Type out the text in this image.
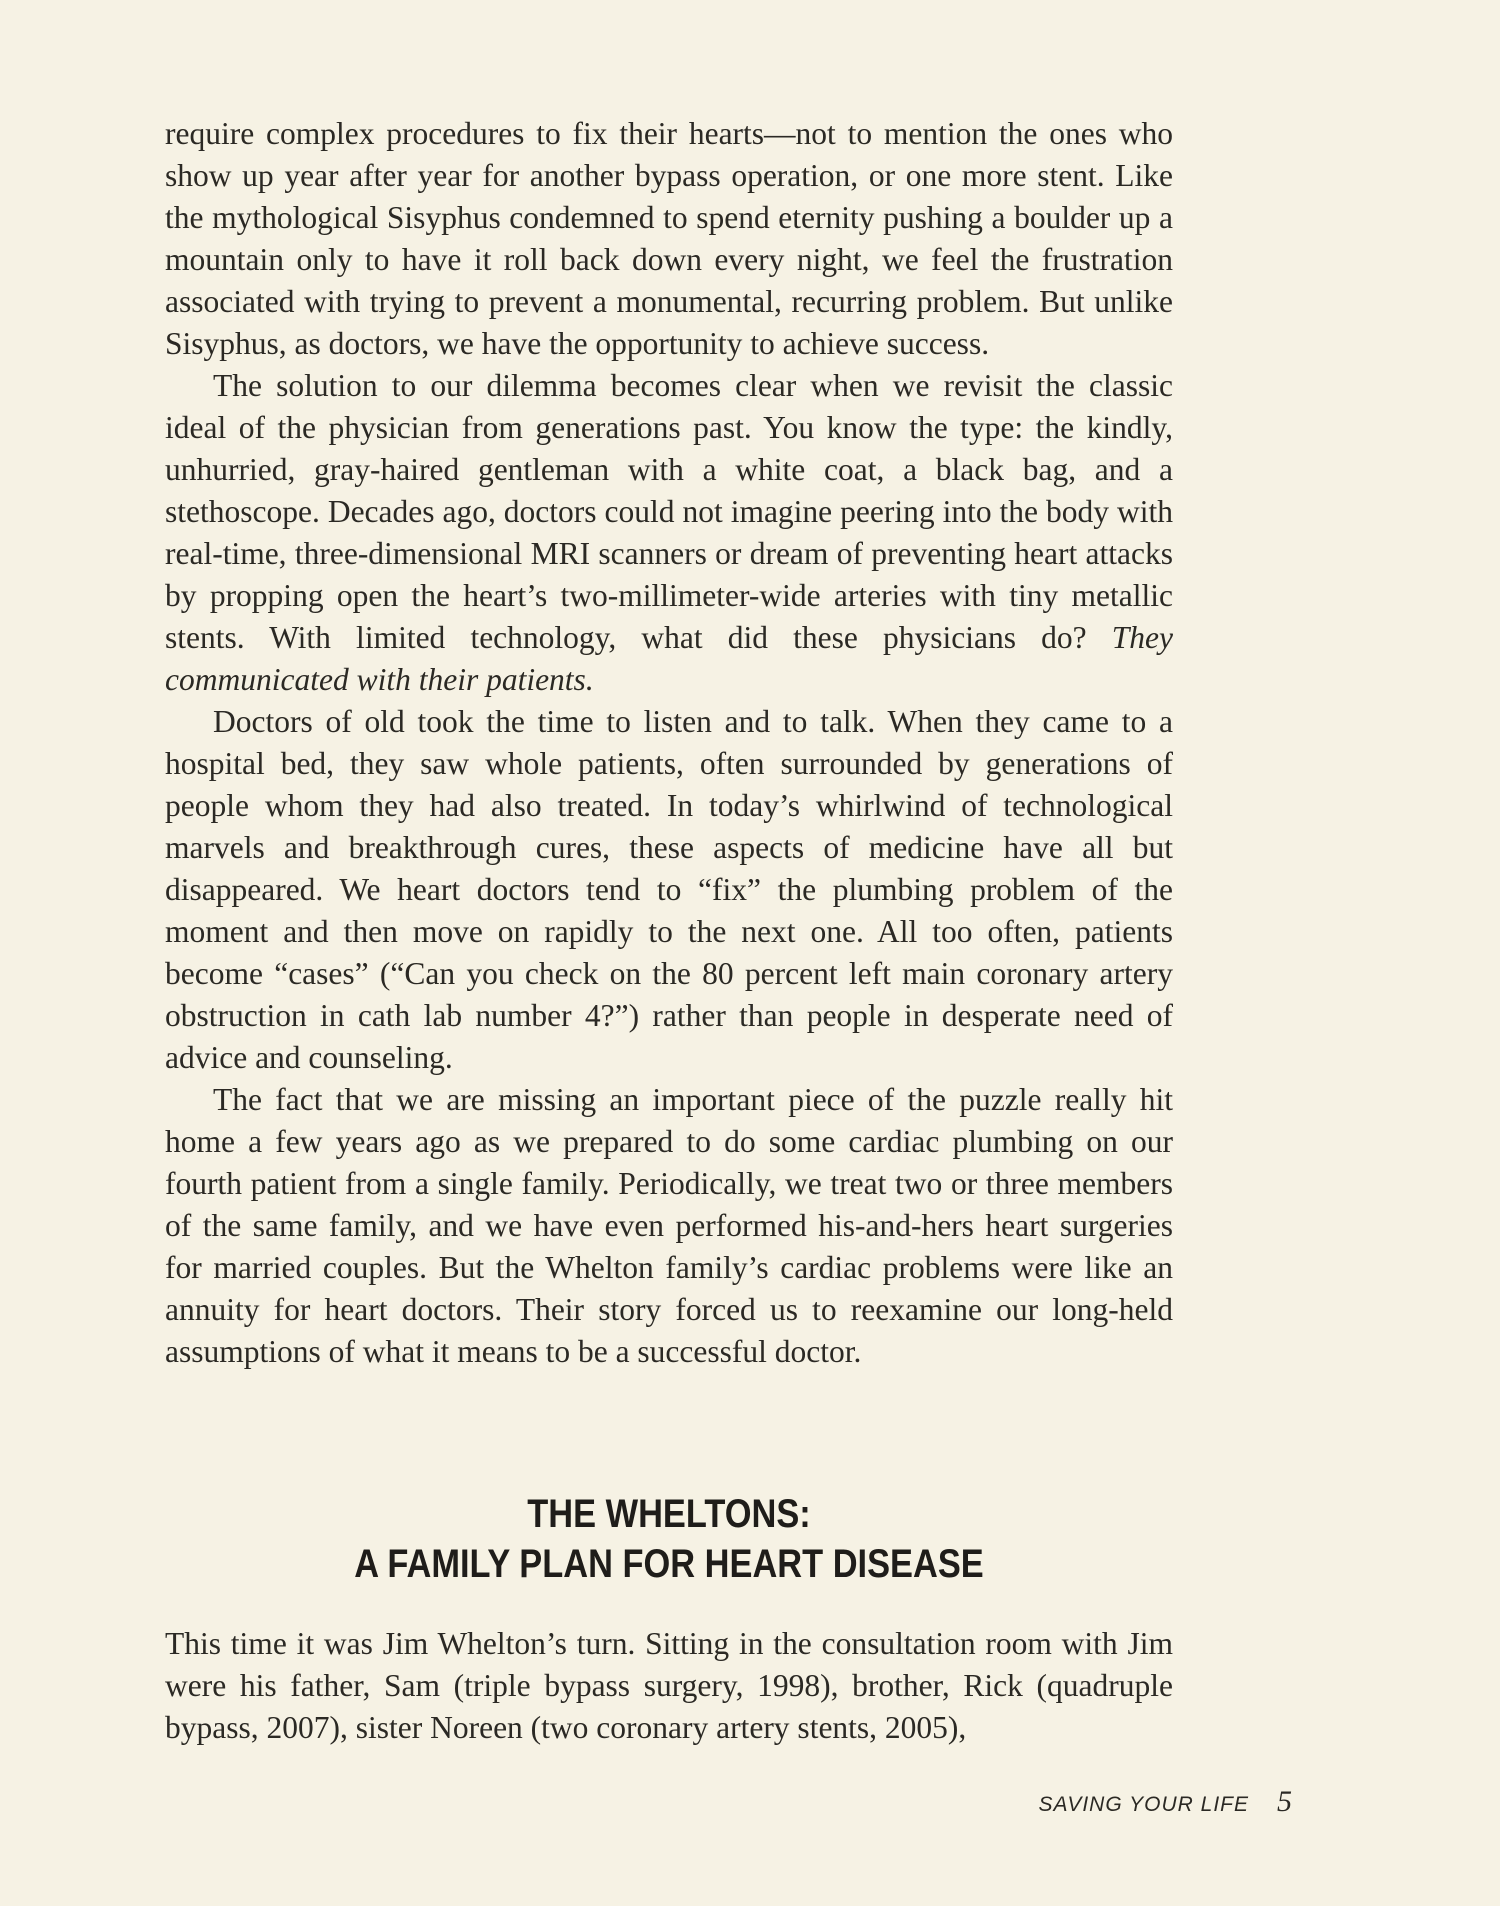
require complex procedures to fix their hearts—not to mention the ones who show up year after year for another bypass operation, or one more stent. Like the mythological Sisyphus condemned to spend eternity pushing a boulder up a mountain only to have it roll back down every night, we feel the frustration associated with trying to prevent a monumental, recurring problem. But unlike Sisyphus, as doctors, we have the opportunity to achieve success.

The solution to our dilemma becomes clear when we revisit the classic ideal of the physician from generations past. You know the type: the kindly, unhurried, gray-haired gentleman with a white coat, a black bag, and a stethoscope. Decades ago, doctors could not imagine peering into the body with real-time, three-dimensional MRI scanners or dream of preventing heart attacks by propping open the heart’s two-millimeter-wide arteries with tiny metallic stents. With limited technology, what did these physicians do? They communicated with their patients.

Doctors of old took the time to listen and to talk. When they came to a hospital bed, they saw whole patients, often surrounded by generations of people whom they had also treated. In today’s whirlwind of technological marvels and breakthrough cures, these aspects of medicine have all but disappeared. We heart doctors tend to “fix” the plumbing problem of the moment and then move on rapidly to the next one. All too often, patients become “cases” (“Can you check on the 80 percent left main coronary artery obstruction in cath lab number 4?”) rather than people in desperate need of advice and counseling.

The fact that we are missing an important piece of the puzzle really hit home a few years ago as we prepared to do some cardiac plumbing on our fourth patient from a single family. Periodically, we treat two or three members of the same family, and we have even performed his-and-hers heart surgeries for married couples. But the Whelton family’s cardiac problems were like an annuity for heart doctors. Their story forced us to reexamine our long-held assumptions of what it means to be a successful doctor.

THE WHELTONS:
A FAMILY PLAN FOR HEART DISEASE

This time it was Jim Whelton’s turn. Sitting in the consultation room with Jim were his father, Sam (triple bypass surgery, 1998), brother, Rick (quadruple bypass, 2007), sister Noreen (two coronary artery stents, 2005),

SAVING YOUR LIFE 5
